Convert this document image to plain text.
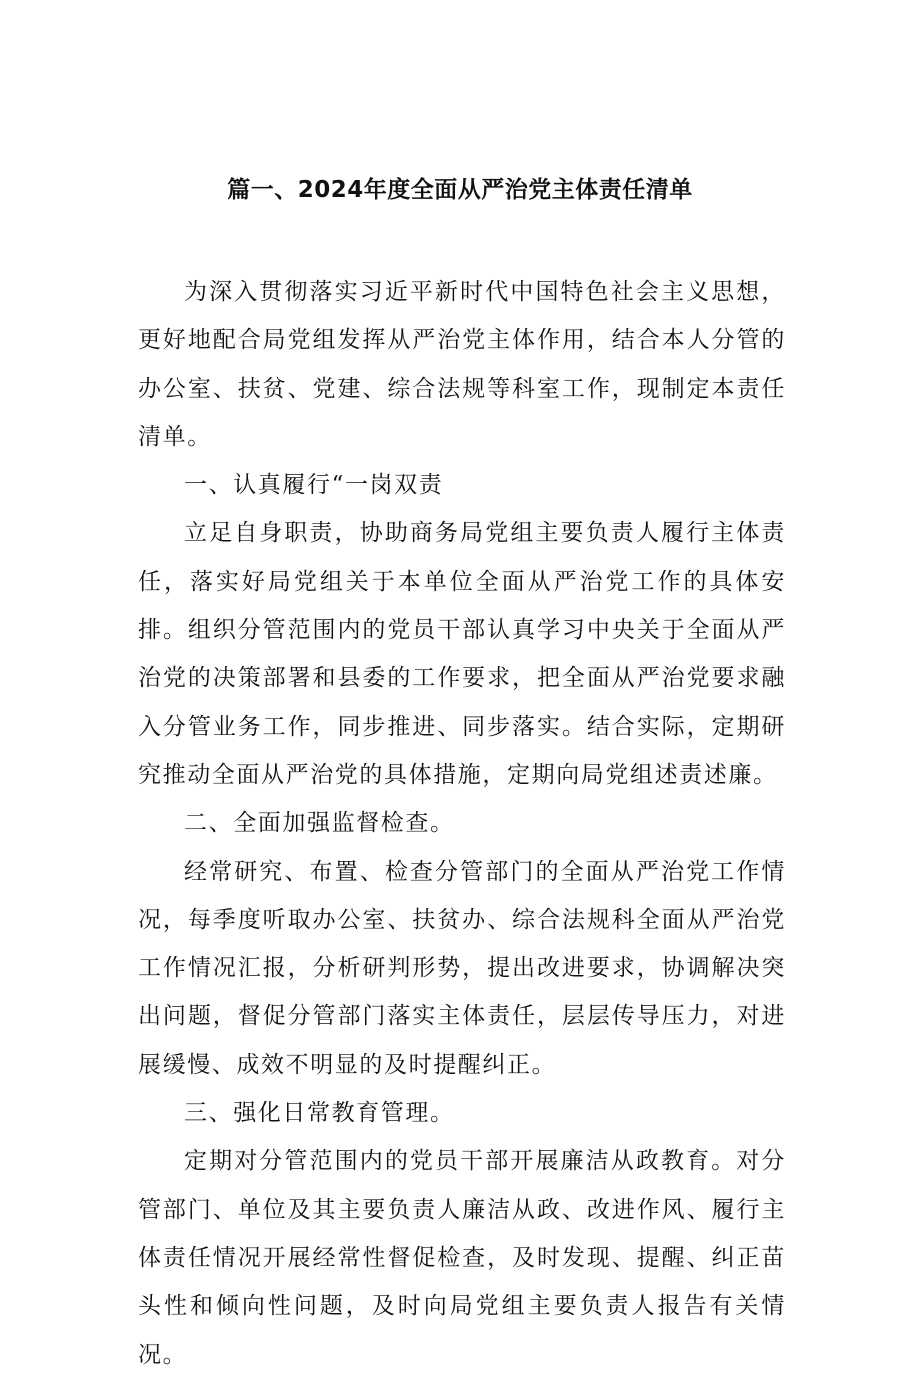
篇一、2024年度全面从严治党主体责任清单

为深入贯彻落实习近平新时代中国特色社会主义思想，更好地配合局党组发挥从严治党主体作用，结合本人分管的办公室、扶贫、党建、综合法规等科室工作，现制定本责任清单。

一、认真履行“一岗双责

立足自身职责，协助商务局党组主要负责人履行主体责任，落实好局党组关于本单位全面从严治党工作的具体安排。组织分管范围内的党员干部认真学习中央关于全面从严治党的决策部署和县委的工作要求，把全面从严治党要求融入分管业务工作，同步推进、同步落实。结合实际，定期研究推动全面从严治党的具体措施，定期向局党组述责述廉。

二、全面加强监督检查。

经常研究、布置、检查分管部门的全面从严治党工作情况，每季度听取办公室、扶贫办、综合法规科全面从严治党工作情况汇报，分析研判形势，提出改进要求，协调解决突出问题，督促分管部门落实主体责任，层层传导压力，对进展缓慢、成效不明显的及时提醒纠正。

三、强化日常教育管理。

定期对分管范围内的党员干部开展廉洁从政教育。对分管部门、单位及其主要负责人廉洁从政、改进作风、履行主体责任情况开展经常性督促检查，及时发现、提醒、纠正苗头性和倾向性问题，及时向局党组主要负责人报告有关情况。
